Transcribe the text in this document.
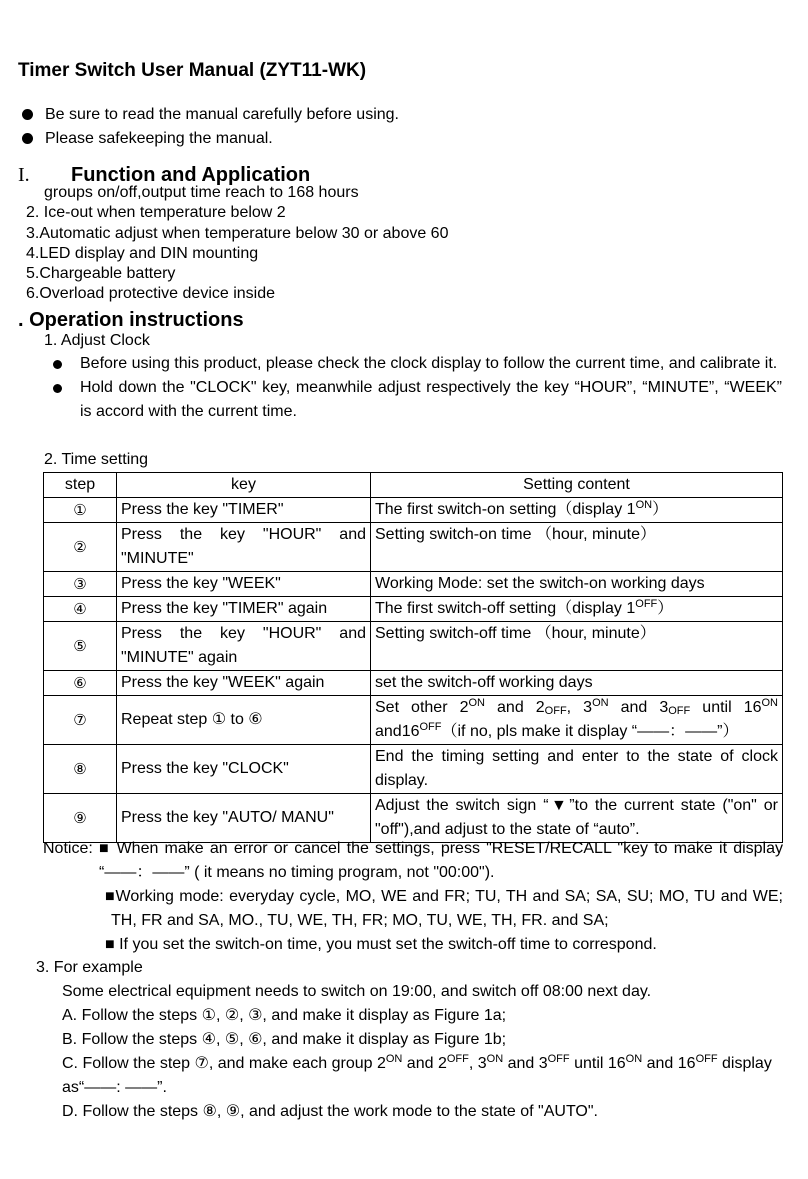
Timer Switch User Manual (ZYT11-WK)
Be sure to read the manual carefully before using.
Please safekeeping the manual.
I. Function and Application
groups on/off,output time reach to 168 hours
2. Ice-out when temperature below 2
3.Automatic adjust when temperature below 30 or above 60
4.LED display and DIN mounting
5.Chargeable battery
6.Overload protective device inside
. Operation instructions
1. Adjust Clock
Before using this product, please check the clock display to follow the current time, and calibrate it.
Hold down the "CLOCK" key, meanwhile adjust respectively the key “HOUR”, “MINUTE”, “WEEK” is accord with the current time.
2. Time setting
step	key	Setting content
①	Press the key "TIMER"	The first switch-on setting（display $1^{ON}$）
②	Press the key "HOUR" and "MINUTE"	Setting switch-on time （hour, minute）
③	Press the key "WEEK"	Working Mode: set the switch-on working days
④	Press the key "TIMER" again	The first switch-off setting（display $1^{OFF}$）
⑤	Press the key "HOUR" and "MINUTE" again	Setting switch-off time （hour, minute）
⑥	Press the key "WEEK" again	set the switch-off working days
⑦	Repeat step ① to ⑥	Set other $2^{ON}$ and $2_{OFF}$, $3^{ON}$ and $3_{OFF}$ until $16^{ON}$ $and16^{OFF}(if$ no, pls make it display “——：——”）
⑧	Press the key "CLOCK"	End the timing setting and enter to the state of clock display.
⑨	Press the key "AUTO/ MANU"	Adjust the switch sign “▼”to the current state ("on" or "off"),and adjust to the state of “auto”.
Notice: ■ When make an error or cancel the settings, press "RESET/RECALL "key to make it display “——：——” ( it means no timing program, not "00:00").
■Working mode: everyday cycle, MO, WE and FR; TU, TH and SA; SA, SU; MO, TU and WE; TH, FR and SA, MO., TU, WE, TH, FR; MO, TU, WE, TH, FR. and SA;
■ If you set the switch-on time, you must set the switch-off time to correspond.
3. For example
Some electrical equipment needs to switch on 19:00, and switch off 08:00 next day.
A. Follow the steps ①, ②, ③, and make it display as Figure 1a;
B. Follow the steps ④, ⑤, ⑥, and make it display as Figure 1b;
C. Follow the step ⑦, and make each group $2^{ON}$ and $2^{OFF}$, $3^{ON}$ and $3^{OFF}$ until $16^{ON}$ and $16^{OFF}$ display as“——: ——”.
D. Follow the steps ⑧, ⑨, and adjust the work mode to the state of "AUTO".
